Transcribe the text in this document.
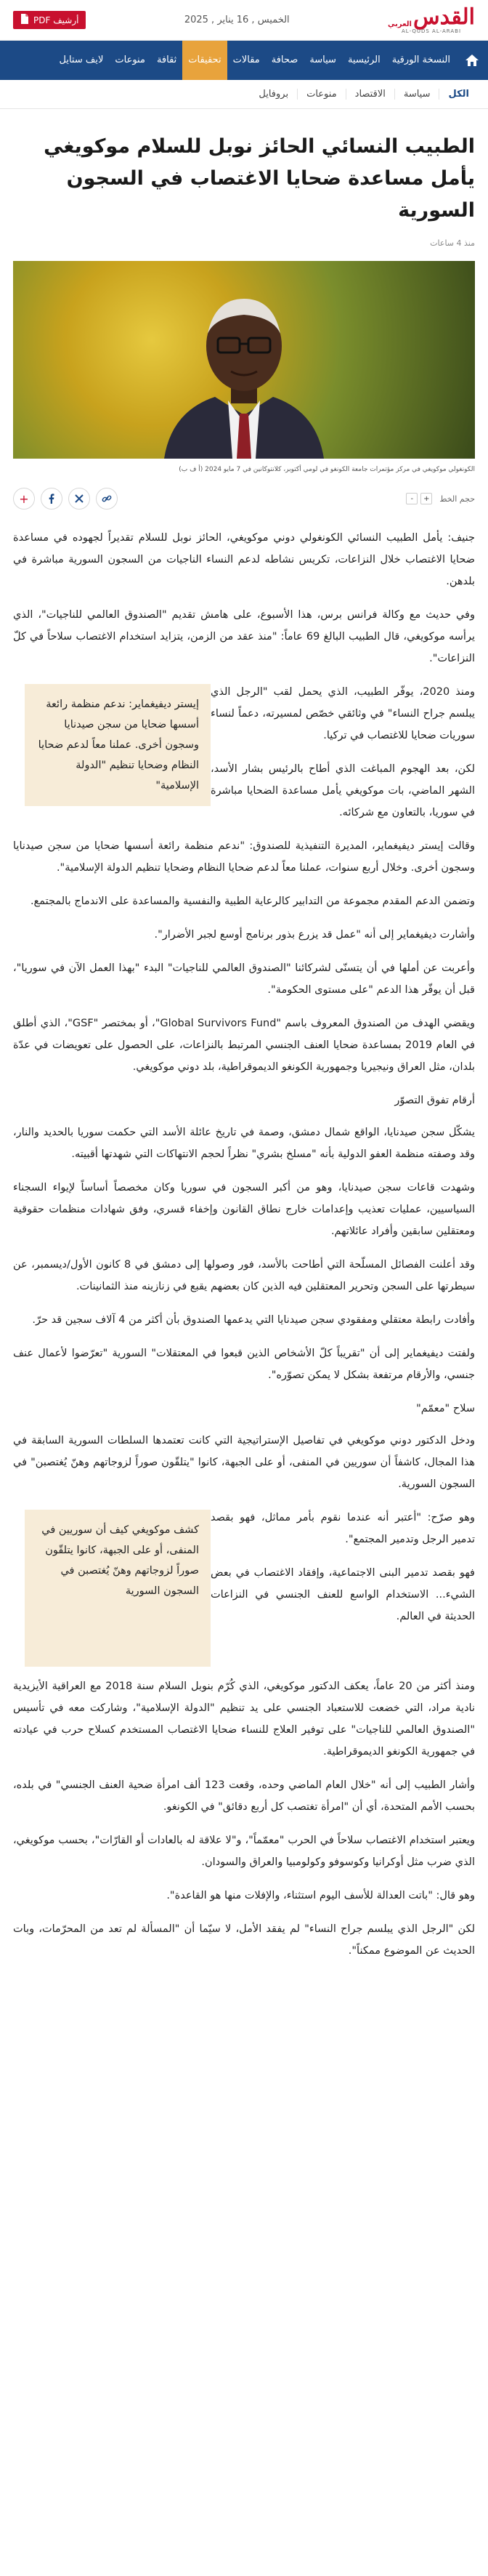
القدس
العربي
AL-QUDS AL-ARABI
الخميس , 16 يناير , 2025
أرشيف PDF
النسخة الورقية
الرئيسية
سياسة
صحافة
مقالات
تحقيقات
ثقافة
منوعات
لايف ستايل
الكل
سياسة
الاقتصاد
منوعات
بروفايل
الطبيب النسائي الحائز نوبل للسلام موكويغي يأمل مساعدة ضحايا الاغتصاب في السجون السورية
منذ 4 ساعات
الكونغولي موكويغي في مركز مؤتمرات جامعة الكونغو في لومي أكتوبر، كلانتوكانين في 7 مايو 2024 (أ ف ب)
حجم الخط
-	+
+

جنيف: يأمل الطبيب النسائي الكونغولي دوني موكويغي، الحائز نوبل للسلام تقديراً لجهوده في مساعدة ضحايا الاغتصاب خلال النزاعات، تكريس نشاطه لدعم النساء الناجيات من السجون السورية مباشرة في بلدهن.

وفي حديث مع وكالة فرانس برس، هذا الأسبوع، على هامش تقديم "الصندوق العالمي للناجيات"، الذي يرأسه موكويغي، قال الطبيب البالغ 69 عاماً: "منذ عقد من الزمن، يتزايد استخدام الاغتصاب سلاحاً في كلّ النزاعات".

إيستر ديفيغماير: ندعم منظمة رائعة أسسها ضحايا من سجن صيدنايا وسجون أخرى. عملنا معاً لدعم ضحايا النظام وضحايا تنظيم "الدولة الإسلامية"

ومنذ 2020، يوفّر الطبيب، الذي يحمل لقب "الرجل الذي يبلسم جراح النساء" في وثائقي خصّص لمسيرته، دعماً لنساء سوريات ضحايا للاغتصاب في تركيا.

لكن، بعد الهجوم المباغت الذي أطاح بالرئيس بشار الأسد، الشهر الماضي، بات موكويغي يأمل مساعدة الضحايا مباشرة في سوريا، بالتعاون مع شركائه.

وقالت إيستر ديفيغماير، المديرة التنفيذية للصندوق: "ندعم منظمة رائعة أسسها ضحايا من سجن صيدنايا وسجون أخرى. وخلال أربع سنوات، عملنا معاً لدعم ضحايا النظام وضحايا تنظيم الدولة الإسلامية".

وتضمن الدعم المقدم مجموعة من التدابير كالرعاية الطبية والنفسية والمساعدة على الاندماج بالمجتمع.

وأشارت ديفيغماير إلى أنه "عمل قد يزرع بذور برنامج أوسع لجبر الأضرار".

وأعربت عن أملها في أن يتسنّى لشركائنا "الصندوق العالمي للناجيات" البدء "بهذا العمل الآن في سوريا"، قبل أن يوفّر هذا الدعم "على مستوى الحكومة".

ويقضي الهدف من الصندوق المعروف باسم "Global Survivors Fund"، أو بمختصر "GSF"، الذي أطلق في العام 2019 بمساعدة ضحايا العنف الجنسي المرتبط بالنزاعات، على الحصول على تعويضات في عدّة بلدان، مثل العراق ونيجيريا وجمهورية الكونغو الديموقراطية، بلد دوني موكويغي.

أرقام تفوق التصوّر

يشكّل سجن صيدنايا، الواقع شمال دمشق، وصمة في تاريخ عائلة الأسد التي حكمت سوريا بالحديد والنار، وقد وصفته منظمة العفو الدولية بأنه "مسلخ بشري" نظراً لحجم الانتهاكات التي شهدتها أقبيته.

وشهدت قاعات سجن صيدنايا، وهو من أكبر السجون في سوريا وكان مخصصاً أساساً لإيواء السجناء السياسيين، عمليات تعذيب وإعدامات خارج نطاق القانون وإخفاء قسري، وفق شهادات منظمات حقوقية ومعتقلين سابقين وأفراد عائلاتهم.

وقد أعلنت الفصائل المسلّحة التي أطاحت بالأسد، فور وصولها إلى دمشق في 8 كانون الأول/ديسمبر، عن سيطرتها على السجن وتحرير المعتقلين فيه الذين كان بعضهم يقبع في زنازينه منذ الثمانينات.

وأفادت رابطة معتقلي ومفقودي سجن صيدنايا التي يدعمها الصندوق بأن أكثر من 4 آلاف سجين قد حرّ.

ولفتت ديفيغماير إلى أن "تقريباً كلّ الأشخاص الذين قبعوا في المعتقلات" السورية "تعرّضوا لأعمال عنف جنسي، والأرقام مرتفعة بشكل لا يمكن تصوّره".

سلاح "معمّم"

ودخل الدكتور دوني موكويغي في تفاصيل الإستراتيجية التي كانت تعتمدها السلطات السورية السابقة في هذا المجال، كاشفاً أن سوريين في المنفى، أو على الجبهة، كانوا "يتلقّون صوراً لزوجاتهم وهنّ يُغتصبن" في السجون السورية.

كشف موكويغي كيف أن سوريين في المنفى، أو على الجبهة، كانوا يتلقّون صوراً لزوجاتهم وهنّ يُغتصبن في السجون السورية

وهو صرّح: "أعتبر أنه عندما نقوم بأمر مماثل، فهو بقصد تدمير الرجل وتدمير المجتمع".

فهو بقصد تدمير البنى الاجتماعية، وإفقاد الاغتصاب في بعض الشيء... الاستخدام الواسع للعنف الجنسي في النزاعات الحديثة في العالم.

ومنذ أكثر من 20 عاماً، يعكف الدكتور موكويغي، الذي كُرّم بنوبل السلام سنة 2018 مع العراقية الأيزيدية نادية مراد، التي خضعت للاستعباد الجنسي على يد تنظيم "الدولة الإسلامية"، وشاركت معه في تأسيس "الصندوق العالمي للناجيات" على توفير العلاج للنساء ضحايا الاغتصاب المستخدم كسلاح حرب في عيادته في جمهورية الكونغو الديموقراطية.

وأشار الطبيب إلى أنه "خلال العام الماضي وحده، وقعت 123 ألف امرأة ضحية العنف الجنسي" في بلده، بحسب الأمم المتحدة، أي أن "امرأة تغتصب كل أربع دقائق" في الكونغو.

ويعتبر استخدام الاغتصاب سلاحاً في الحرب "معمّماً"، و"لا علاقة له بالعادات أو القارّات"، بحسب موكويغي، الذي ضرب مثل أوكرانيا وكوسوفو وكولومبيا والعراق والسودان.

وهو قال: "باتت العدالة للأسف اليوم استثناء، والإفلات منها هو القاعدة".

لكن "الرجل الذي يبلسم جراح النساء" لم يفقد الأمل، لا سيّما أن "المسألة لم تعد من المحرّمات، وبات الحديث عن الموضوع ممكناً".
